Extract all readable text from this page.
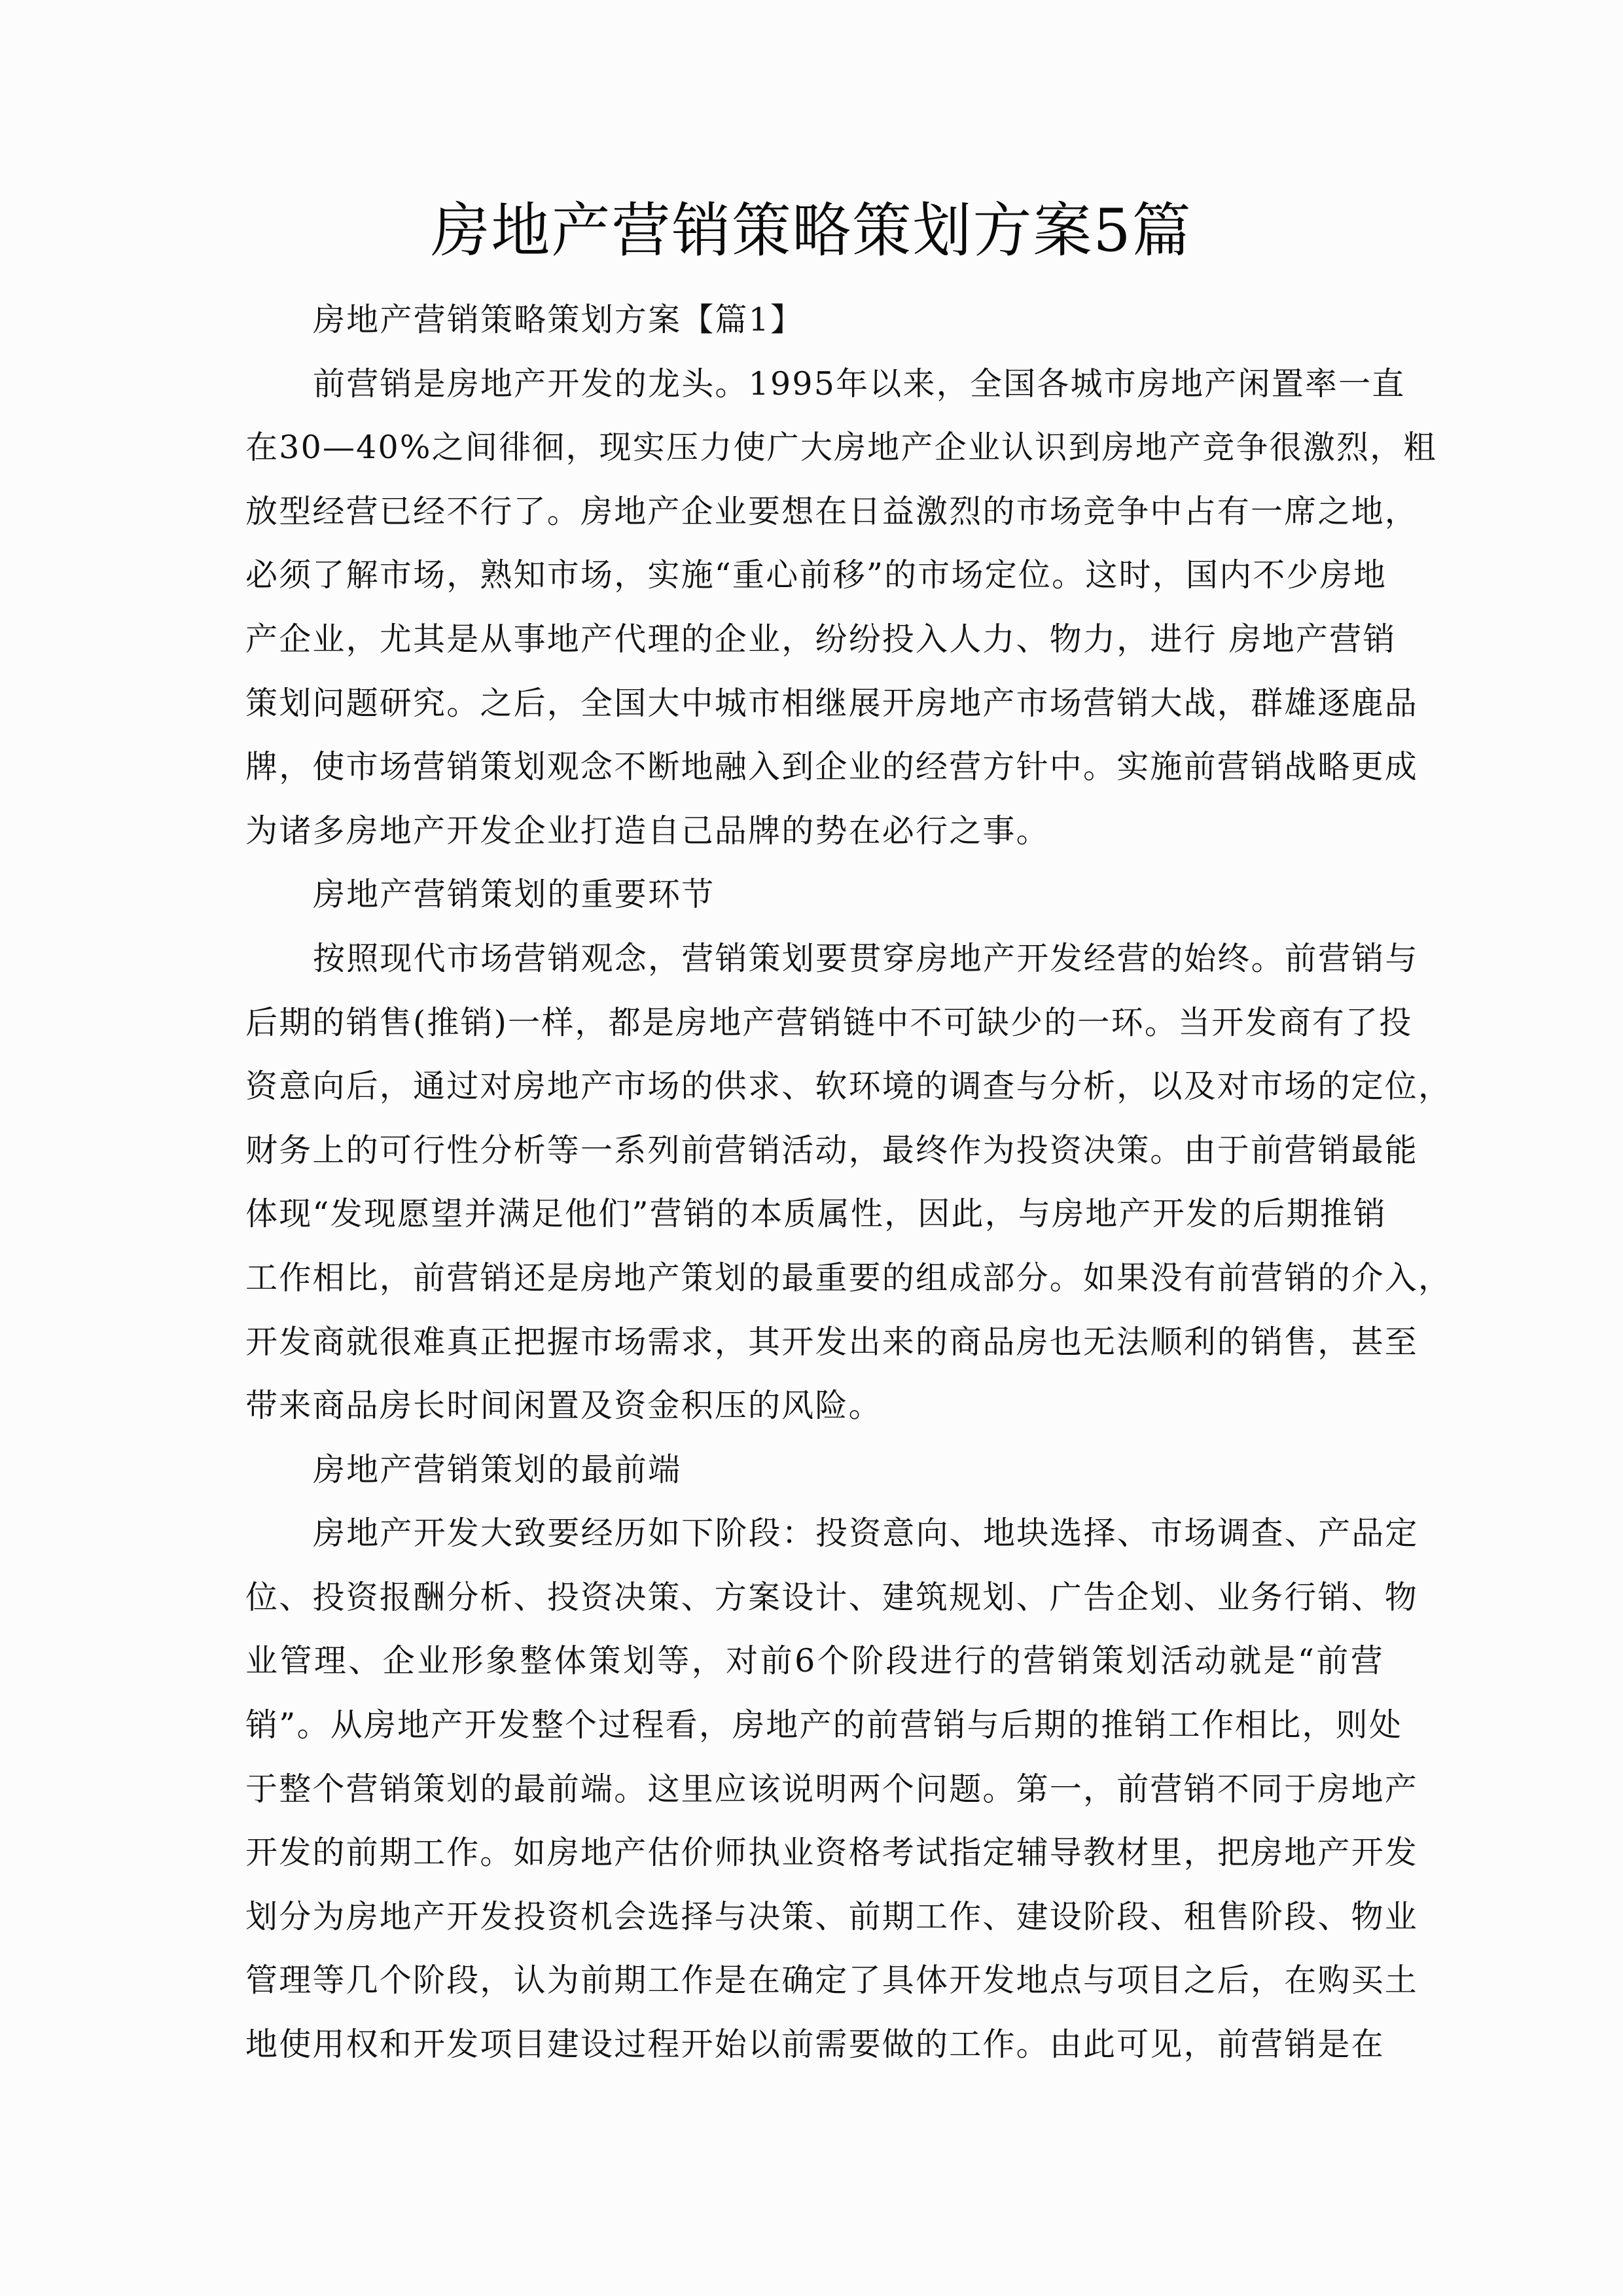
房地产营销策略策划方案5篇
房地产营销策略策划方案【篇1】
前营销是房地产开发的龙头。1995年以来，全国各城市房地产闲置率一直
在30—40%之间徘徊，现实压力使广大房地产企业认识到房地产竞争很激烈，粗
放型经营已经不行了。房地产企业要想在日益激烈的市场竞争中占有一席之地，
必须了解市场，熟知市场，实施“重心前移”的市场定位。这时，国内不少房地
产企业，尤其是从事地产代理的企业，纷纷投入人力、物力，进行 房地产营销
策划问题研究。之后，全国大中城市相继展开房地产市场营销大战，群雄逐鹿品
牌，使市场营销策划观念不断地融入到企业的经营方针中。实施前营销战略更成
为诸多房地产开发企业打造自己品牌的势在必行之事。
房地产营销策划的重要环节
按照现代市场营销观念，营销策划要贯穿房地产开发经营的始终。前营销与
后期的销售(推销)一样，都是房地产营销链中不可缺少的一环。当开发商有了投
资意向后，通过对房地产市场的供求、软环境的调查与分析，以及对市场的定位，
财务上的可行性分析等一系列前营销活动，最终作为投资决策。由于前营销最能
体现“发现愿望并满足他们”营销的本质属性，因此，与房地产开发的后期推销
工作相比，前营销还是房地产策划的最重要的组成部分。如果没有前营销的介入，
开发商就很难真正把握市场需求，其开发出来的商品房也无法顺利的销售，甚至
带来商品房长时间闲置及资金积压的风险。
房地产营销策划的最前端
房地产开发大致要经历如下阶段：投资意向、地块选择、市场调查、产品定
位、投资报酬分析、投资决策、方案设计、建筑规划、广告企划、业务行销、物
业管理、企业形象整体策划等，对前6个阶段进行的营销策划活动就是“前营
销”。从房地产开发整个过程看，房地产的前营销与后期的推销工作相比，则处
于整个营销策划的最前端。这里应该说明两个问题。第一，前营销不同于房地产
开发的前期工作。如房地产估价师执业资格考试指定辅导教材里，把房地产开发
划分为房地产开发投资机会选择与决策、前期工作、建设阶段、租售阶段、物业
管理等几个阶段，认为前期工作是在确定了具体开发地点与项目之后，在购买土
地使用权和开发项目建设过程开始以前需要做的工作。由此可见，前营销是在
